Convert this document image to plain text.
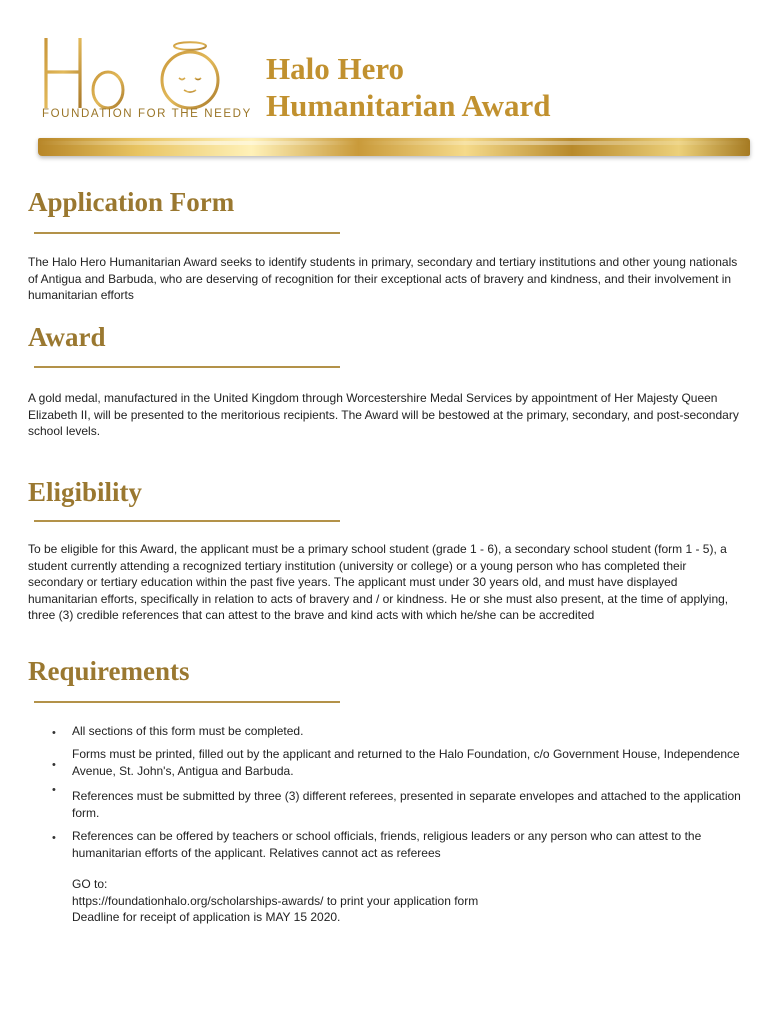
FOUNDATION FOR THE NEEDY
Halo Hero
Humanitarian Award
Application Form

The Halo Hero Humanitarian Award seeks to identify students in primary, secondary and tertiary institutions and other young nationals of Antigua and Barbuda, who are deserving of recognition for their exceptional acts of bravery and kindness, and their involvement in humanitarian efforts

Award

A gold medal, manufactured in the United Kingdom through Worcestershire Medal Services by appointment of Her Majesty Queen Elizabeth II, will be presented to the meritorious recipients. The Award will be bestowed at the primary, secondary, and post-secondary school levels.

Eligibility

To be eligible for this Award, the applicant must be a primary school student (grade 1 - 6), a secondary school student (form 1 - 5), a student currently attending a recognized tertiary institution (university or college) or a young person who has completed their secondary or tertiary education within the past five years. The applicant must under 30 years old, and must have displayed humanitarian efforts, specifically in relation to acts of bravery and / or kindness. He or she must also present, at the time of applying, three (3) credible references that can attest to the brave and kind acts with which he/she can be accredited

Requirements
• All sections of this form must be completed.
•
Forms must be printed, filled out by the applicant and returned to the Halo Foundation, c/o Government House, Independence Avenue, St. John's, Antigua and Barbuda.
• References must be submitted by three (3) different referees, presented in separate envelopes and attached to the application form.
• References can be offered by teachers or school officials, friends, religious leaders or any person who can attest to the humanitarian efforts of the applicant. Relatives cannot act as referees
GO to:
https://foundationhalo.org/scholarships-awards/ to print your application form
Deadline for receipt of application is MAY 15 2020.
